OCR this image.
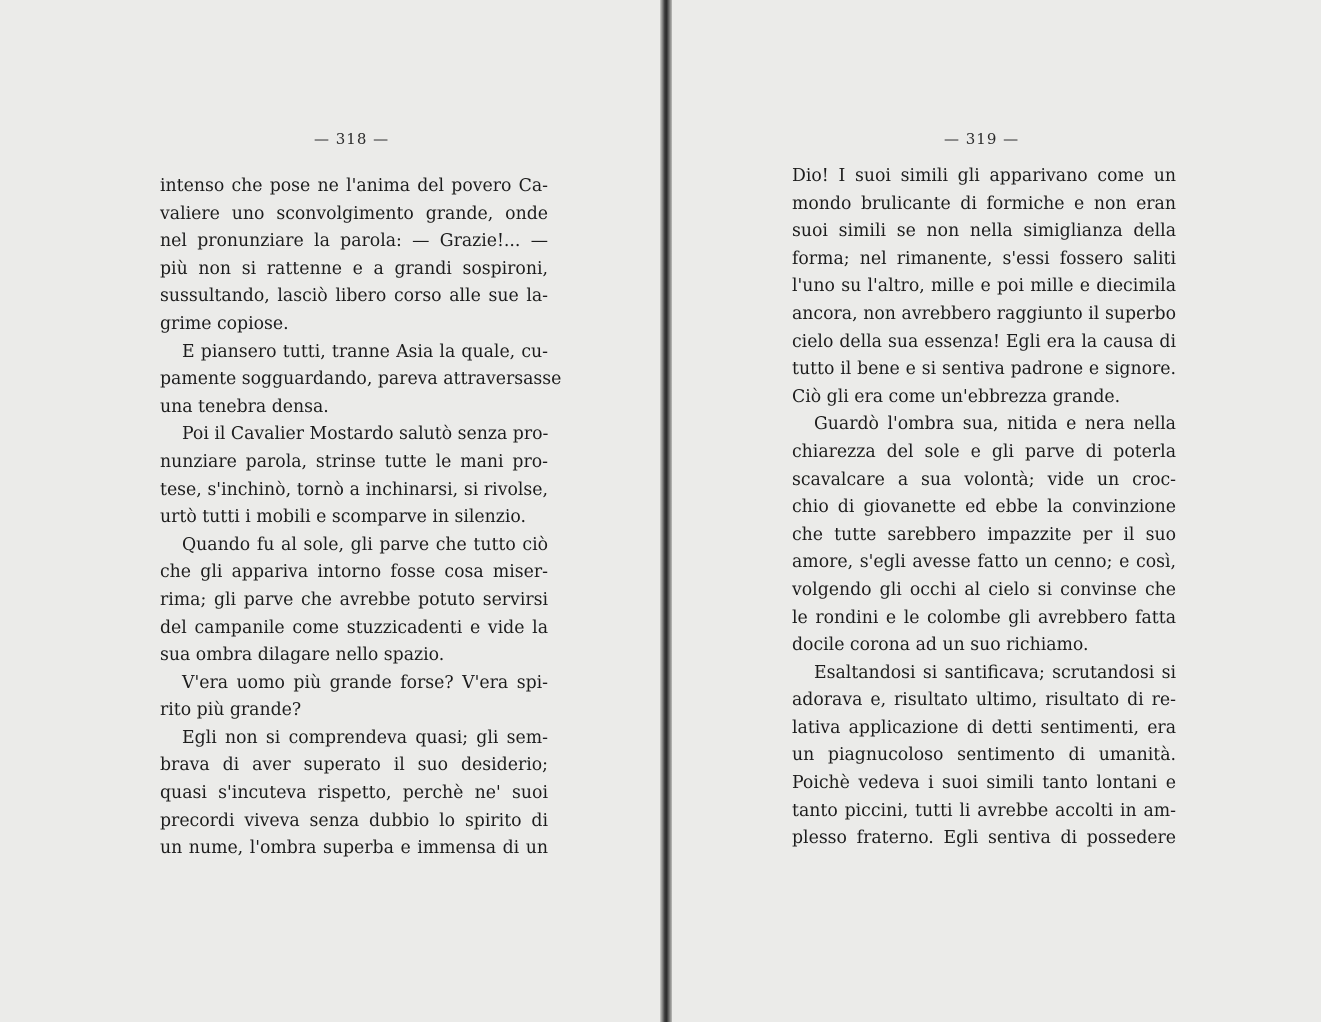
— 318 —
intenso che pose ne l'anima del povero Ca-
valiere uno sconvolgimento grande, onde
nel pronunziare la parola: — Grazie!... —
più non si rattenne e a grandi sospironi,
sussultando, lasciò libero corso alle sue la-
grime copiose.
E piansero tutti, tranne Asia la quale, cu-
pamente sogguardando, pareva attraversasse
una tenebra densa.
Poi il Cavalier Mostardo salutò senza pro-
nunziare parola, strinse tutte le mani pro-
tese, s'inchinò, tornò a inchinarsi, si rivolse,
urtò tutti i mobili e scomparve in silenzio.
Quando fu al sole, gli parve che tutto ciò
che gli appariva intorno fosse cosa miser-
rima; gli parve che avrebbe potuto servirsi
del campanile come stuzzicadenti e vide la
sua ombra dilagare nello spazio.
V'era uomo più grande forse? V'era spi-
rito più grande?
Egli non si comprendeva quasi; gli sem-
brava di aver superato il suo desiderio;
quasi s'incuteva rispetto, perchè ne' suoi
precordi viveva senza dubbio lo spirito di
un nume, l'ombra superba e immensa di un
— 319 —
Dio! I suoi simili gli apparivano come un
mondo brulicante di formiche e non eran
suoi simili se non nella simiglianza della
forma; nel rimanente, s'essi fossero saliti
l'uno su l'altro, mille e poi mille e diecimila
ancora, non avrebbero raggiunto il superbo
cielo della sua essenza! Egli era la causa di
tutto il bene e si sentiva padrone e signore.
Ciò gli era come un'ebbrezza grande.
Guardò l'ombra sua, nitida e nera nella
chiarezza del sole e gli parve di poterla
scavalcare a sua volontà; vide un croc-
chio di giovanette ed ebbe la convinzione
che tutte sarebbero impazzite per il suo
amore, s'egli avesse fatto un cenno; e così,
volgendo gli occhi al cielo si convinse che
le rondini e le colombe gli avrebbero fatta
docile corona ad un suo richiamo.
Esaltandosi si santificava; scrutandosi si
adorava e, risultato ultimo, risultato di re-
lativa applicazione di detti sentimenti, era
un piagnucoloso sentimento di umanità.
Poichè vedeva i suoi simili tanto lontani e
tanto piccini, tutti li avrebbe accolti in am-
plesso fraterno. Egli sentiva di possedere
